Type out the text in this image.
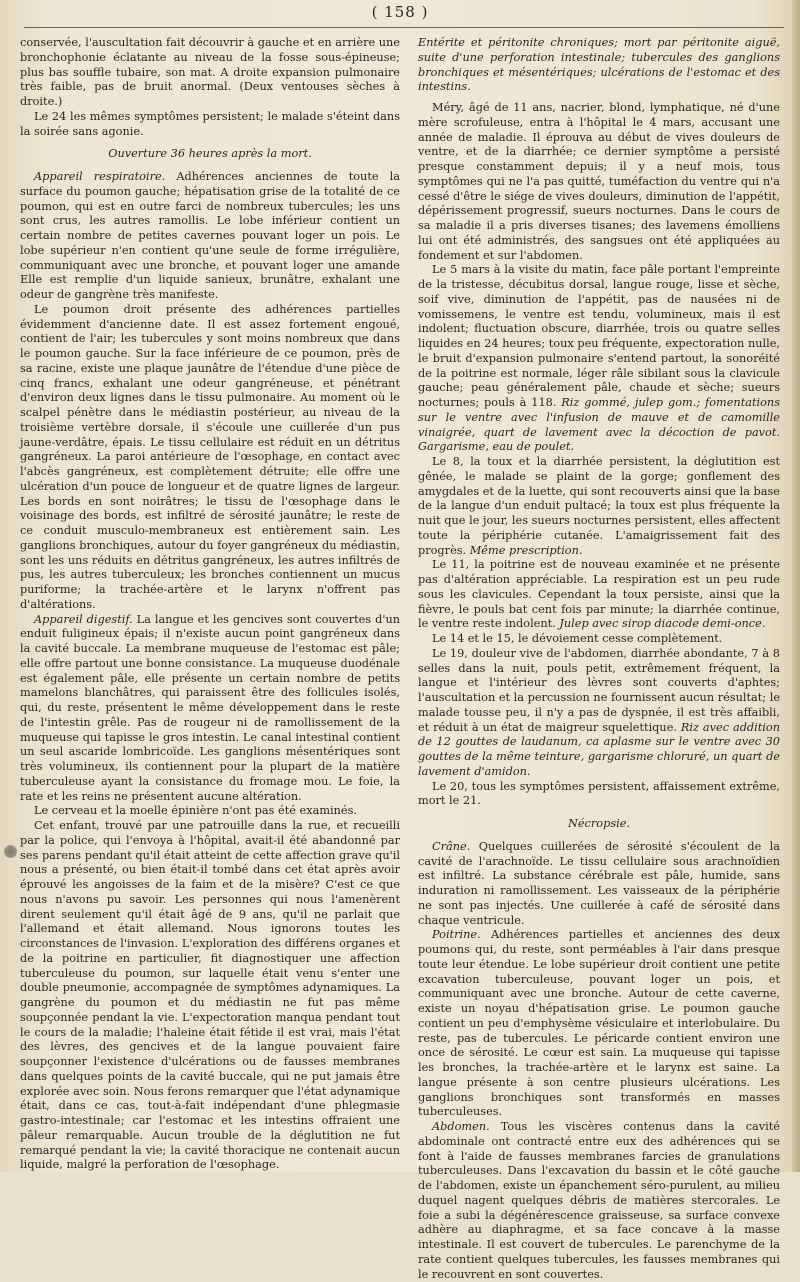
( 158 )

conservée, l'auscultation fait découvrir à gauche et en arrière une bronchophonie éclatante au niveau de la fosse sous-épineuse; plus bas souffle tubaire, son mat. A droite expansion pulmonaire très faible, pas de bruit anormal. (Deux ventouses sèches à droite.)

Le 24 les mêmes symptômes persistent; le malade s'éteint dans la soirée sans agonie.

Ouverture 36 heures après la mort.

Appareil respiratoire. Adhérences anciennes de toute la surface du poumon gauche; hépatisation grise de la totalité de ce poumon, qui est en outre farci de nombreux tubercules; les uns sont crus, les autres ramollis. Le lobe inférieur contient un certain nombre de petites cavernes pouvant loger un pois. Le lobe supérieur n'en contient qu'une seule de forme irrégulière, communiquant avec une bronche, et pouvant loger une amande Elle est remplie d'un liquide sanieux, brunâtre, exhalant une odeur de gangrène très manifeste.

Le poumon droit présente des adhérences partielles évidemment d'ancienne date. Il est assez fortement engoué, contient de l'air; les tubercules y sont moins nombreux que dans le poumon gauche. Sur la face inférieure de ce poumon, près de sa racine, existe une plaque jaunâtre de l'étendue d'une pièce de cinq francs, exhalant une odeur gangréneuse, et pénétrant d'environ deux lignes dans le tissu pulmonaire. Au moment où le scalpel pénètre dans le médiastin postérieur, au niveau de la troisième vertèbre dorsale, il s'écoule une cuillerée d'un pus jaune-verdâtre, épais. Le tissu cellulaire est réduit en un détritus gangréneux. La paroi antérieure de l'œsophage, en contact avec l'abcès gangréneux, est complètement détruite; elle offre une ulcération d'un pouce de longueur et de quatre lignes de largeur. Les bords en sont noirâtres; le tissu de l'œsophage dans le voisinage des bords, est infiltré de sérosité jaunâtre; le reste de ce conduit musculo-membraneux est entièrement sain. Les ganglions bronchiques, autour du foyer gangréneux du médiastin, sont les uns réduits en détritus gangréneux, les autres infiltrés de pus, les autres tuberculeux; les bronches contiennent un mucus puriforme; la trachée-artère et le larynx n'offrent pas d'altérations.

Appareil digestif. La langue et les gencives sont couvertes d'un enduit fuligineux épais; il n'existe aucun point gangréneux dans la cavité buccale. La membrane muqueuse de l'estomac est pâle; elle offre partout une bonne consistance. La muqueuse duodénale est également pâle, elle présente un certain nombre de petits mamelons blanchâtres, qui paraissent être des follicules isolés, qui, du reste, présentent le même développement dans le reste de l'intestin grêle. Pas de rougeur ni de ramollissement de la muqueuse qui tapisse le gros intestin. Le canal intestinal contient un seul ascaride lombricoïde. Les ganglions mésentériques sont très volumineux, ils contiennent pour la plupart de la matière tuberculeuse ayant la consistance du fromage mou. Le foie, la rate et les reins ne présentent aucune altération.

Le cerveau et la moelle épinière n'ont pas été examinés.

Cet enfant, trouvé par une patrouille dans la rue, et recueilli par la police, qui l'envoya à l'hôpital, avait-il été abandonné par ses parens pendant qu'il était atteint de cette affection grave qu'il nous a présenté, ou bien était-il tombé dans cet état après avoir éprouvé les angoisses de la faim et de la misère? C'est ce que nous n'avons pu savoir. Les personnes qui nous l'amenèrent dirent seulement qu'il était âgé de 9 ans, qu'il ne parlait que l'allemand et était allemand. Nous ignorons toutes les circonstances de l'invasion. L'exploration des différens organes et de la poitrine en particulier, fit diagnostiquer une affection tuberculeuse du poumon, sur laquelle était venu s'enter une double pneumonie, accompagnée de symptômes adynamiques. La gangrène du poumon et du médiastin ne fut pas même soupçonnée pendant la vie. L'expectoration manqua pendant tout le cours de la maladie; l'haleine était fétide il est vrai, mais l'état des lèvres, des gencives et de la langue pouvaient faire soupçonner l'existence d'ulcérations ou de fausses membranes dans quelques points de la cavité buccale, qui ne put jamais être explorée avec soin. Nous ferons remarquer que l'état adynamique était, dans ce cas, tout-à-fait indépendant d'une phlegmasie gastro-intestinale; car l'estomac et les intestins offraient une pâleur remarquable. Aucun trouble de la déglutition ne fut remarqué pendant la vie; la cavité thoracique ne contenait aucun liquide, malgré la perforation de l'œsophage.

Entérite et péritonite chroniques; mort par péritonite aiguë, suite d'une perforation intestinale; tubercules des ganglions bronchiques et mésentériques; ulcérations de l'estomac et des intestins.

Méry, âgé de 11 ans, nacrier, blond, lymphatique, né d'une mère scrofuleuse, entra à l'hôpital le 4 mars, accusant une année de maladie. Il éprouva au début de vives douleurs de ventre, et de la diarrhée; ce dernier symptôme a persisté presque constamment depuis; il y a neuf mois, tous symptômes qui ne l'a pas quitté, tuméfaction du ventre qui n'a cessé d'être le siége de vives douleurs, diminution de l'appétit, dépérissement progressif, sueurs nocturnes. Dans le cours de sa maladie il a pris diverses tisanes; des lavemens émolliens lui ont été administrés, des sangsues ont été appliquées au fondement et sur l'abdomen.

Le 5 mars à la visite du matin, face pâle portant l'empreinte de la tristesse, décubitus dorsal, langue rouge, lisse et sèche, soif vive, diminution de l'appétit, pas de nausées ni de vomissemens, le ventre est tendu, volumineux, mais il est indolent; fluctuation obscure, diarrhée, trois ou quatre selles liquides en 24 heures; toux peu fréquente, expectoration nulle, le bruit d'expansion pulmonaire s'entend partout, la sonoréité de la poitrine est normale, léger râle sibilant sous la clavicule gauche; peau généralement pâle, chaude et sèche; sueurs nocturnes; pouls à 118. Riz gommé, julep gom.; fomentations sur le ventre avec l'infusion de mauve et de camomille vinaigrée, quart de lavement avec la décoction de pavot. Gargarisme, eau de poulet.

Le 8, la toux et la diarrhée persistent, la déglutition est gênée, le malade se plaint de la gorge; gonflement des amygdales et de la luette, qui sont recouverts ainsi que la base de la langue d'un enduit pultacé; la toux est plus fréquente la nuit que le jour, les sueurs nocturnes persistent, elles affectent toute la périphérie cutanée. L'amaigrissement fait des progrès. Même prescription.

Le 11, la poitrine est de nouveau examinée et ne présente pas d'altération appréciable. La respiration est un peu rude sous les clavicules. Cependant la toux persiste, ainsi que la fièvre, le pouls bat cent fois par minute; la diarrhée continue, le ventre reste indolent. Julep avec sirop diacode demi-once.

Le 14 et le 15, le dévoiement cesse complètement.

Le 19, douleur vive de l'abdomen, diarrhée abondante, 7 à 8 selles dans la nuit, pouls petit, extrêmement fréquent, la langue et l'intérieur des lèvres sont couverts d'aphtes; l'auscultation et la percussion ne fournissent aucun résultat; le malade tousse peu, il n'y a pas de dyspnée, il est très affaibli, et réduit à un état de maigreur squelettique. Riz avec addition de 12 gouttes de laudanum, ca aplasme sur le ventre avec 30 gouttes de la même teinture, gargarisme chloruré, un quart de lavement d'amidon.

Le 20, tous les symptômes persistent, affaissement extrême, mort le 21.

Nécropsie.

Crâne. Quelques cuillerées de sérosité s'écoulent de la cavité de l'arachnoïde. Le tissu cellulaire sous arachnoïdien est infiltré. La substance cérébrale est pâle, humide, sans induration ni ramollissement. Les vaisseaux de la périphérie ne sont pas injectés. Une cuillerée à café de sérosité dans chaque ventricule.

Poitrine. Adhérences partielles et anciennes des deux poumons qui, du reste, sont perméables à l'air dans presque toute leur étendue. Le lobe supérieur droit contient une petite excavation tuberculeuse, pouvant loger un pois, et communiquant avec une bronche. Autour de cette caverne, existe un noyau d'hépatisation grise. Le poumon gauche contient un peu d'emphysème vésiculaire et interlobulaire. Du reste, pas de tubercules. Le péricarde contient environ une once de sérosité. Le cœur est sain. La muqueuse qui tapisse les bronches, la trachée-artère et le larynx est saine. La langue présente à son centre plusieurs ulcérations. Les ganglions bronchiques sont transformés en masses tuberculeuses.

Abdomen. Tous les viscères contenus dans la cavité abdominale ont contracté entre eux des adhérences qui se font à l'aide de fausses membranes farcies de granulations tuberculeuses. Dans l'excavation du bassin et le côté gauche de l'abdomen, existe un épanchement séro-purulent, au milieu duquel nagent quelques débris de matières stercorales. Le foie a subi la dégénérescence graisseuse, sa surface convexe adhère au diaphragme, et sa face concave à la masse intestinale. Il est couvert de tubercules. Le parenchyme de la rate contient quelques tubercules, les fausses membranes qui le recouvrent en sont couvertes.
